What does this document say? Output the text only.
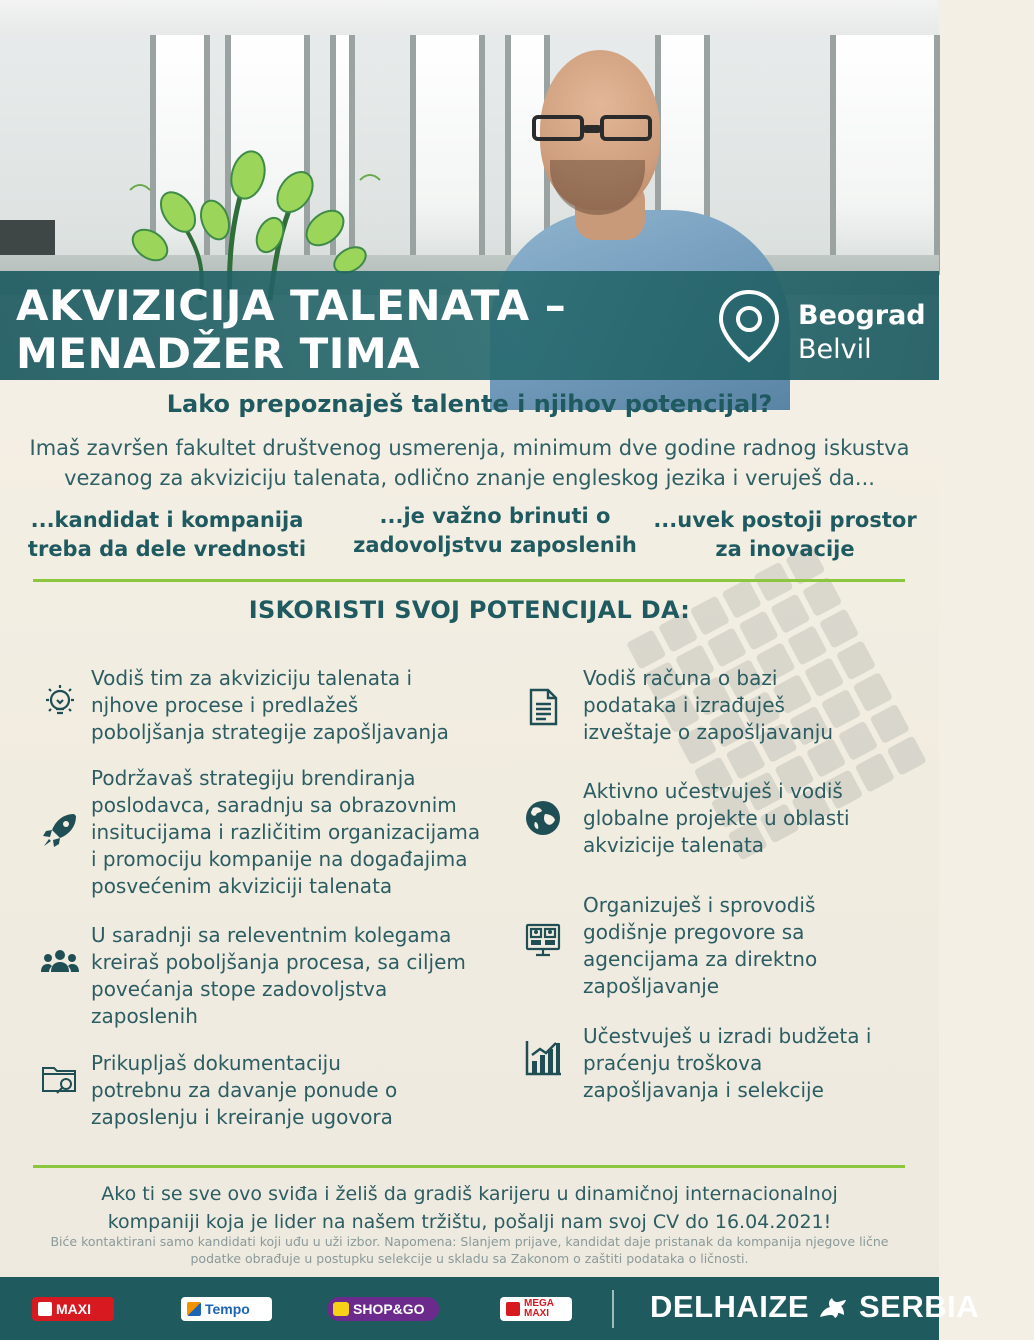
AKVIZICIJA TALENATA –
MENADŽER TIMA
Beograd
Belvil
Lako prepoznaješ talente i njihov potencijal?
Imaš završen fakultet društvenog usmerenja, minimum dve godine radnog iskustva
vezanog za akviziciju talenata, odlično znanje engleskog jezika i veruješ da...
...kandidat i kompanija
treba da dele vrednosti
...je važno brinuti o
zadovoljstvu zaposlenih
...uvek postoji prostor
za inovacije
ISKORISTI SVOJ POTENCIJAL DA:
Vodiš tim za akviziciju talenata i
njhove procese i predlažeš
poboljšanja strategije zapošljavanja
Podržavaš strategiju brendiranja
poslodavca, saradnju sa obrazovnim
insitucijama i različitim organizacijama
i promociju kompanije na događajima
posvećenim akviziciji talenata
U saradnji sa releventnim kolegama
kreiraš poboljšanja procesa, sa ciljem
povećanja stope zadovoljstva
zaposlenih
Prikupljaš dokumentaciju
potrebnu za davanje ponude o
zaposlenju i kreiranje ugovora
Vodiš računa o bazi
podataka i izrađuješ
izveštaje o zapošljavanju
Aktivno učestvuješ i vodiš
globalne projekte u oblasti
akvizicije talenata
Organizuješ i sprovodiš
godišnje pregovore sa
agencijama za direktno
zapošljavanje
Učestvuješ u izradi budžeta i
praćenju troškova
zapošljavanja i selekcije
Ako ti se sve ovo sviđa i želiš da gradiš karijeru u dinamičnoj internacionalnoj
kompaniji koja je lider na našem tržištu, pošalji nam svoj CV do 16.04.2021!
Biće kontaktirani samo kandidati koji uđu u uži izbor. Napomena: Slanjem prijave, kandidat daje pristanak da kompanija njegove lične
podatke obrađuje u postupku selekcije u skladu sa Zakonom o zaštiti podataka o ličnosti.
MAXI	Tempo	SHOP&GO	MEGA
MAXI	DELHAIZE SERBIA
